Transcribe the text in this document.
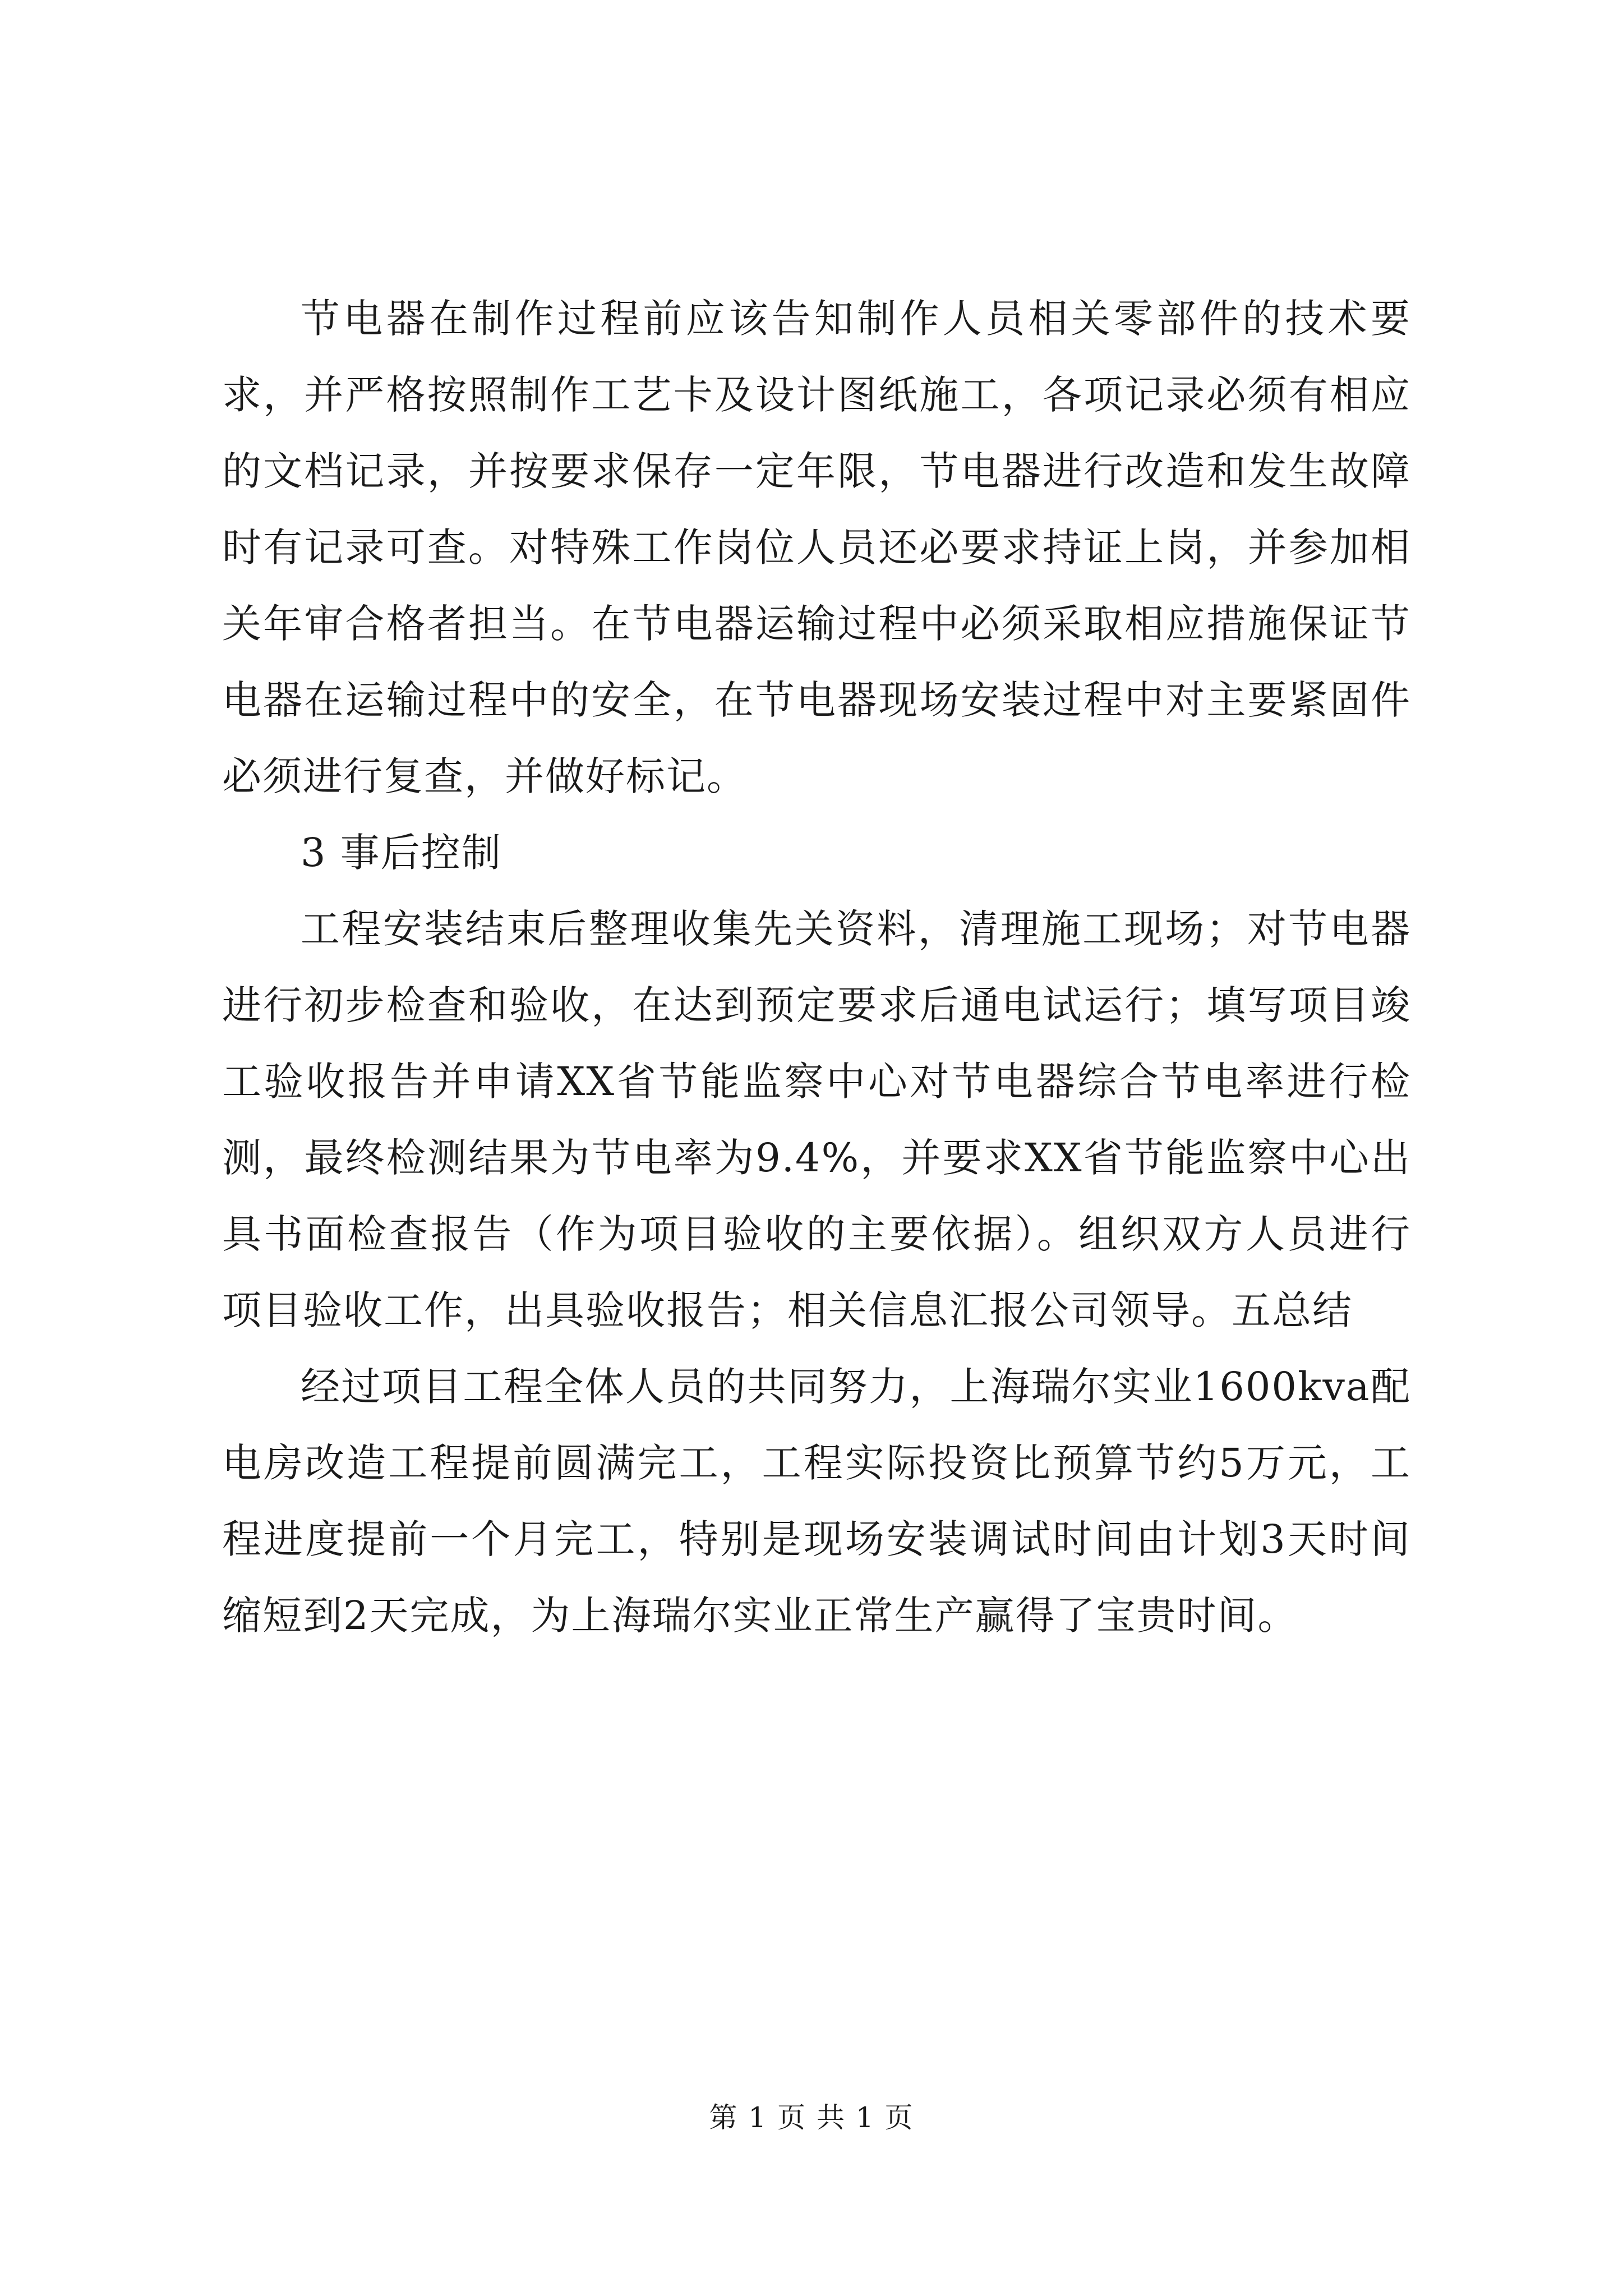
节电器在制作过程前应该告知制作人员相关零部件的技术要求，并严格按照制作工艺卡及设计图纸施工，各项记录必须有相应的文档记录，并按要求保存一定年限，节电器进行改造和发生故障时有记录可查。对特殊工作岗位人员还必要求持证上岗，并参加相关年审合格者担当。在节电器运输过程中必须采取相应措施保证节电器在运输过程中的安全，在节电器现场安装过程中对主要紧固件必须进行复查，并做好标记。

3 事后控制

工程安装结束后整理收集先关资料，清理施工现场；对节电器进行初步检查和验收，在达到预定要求后通电试运行；填写项目竣工验收报告并申请XX省节能监察中心对节电器综合节电率进行检测，最终检测结果为节电率为9.4%，并要求XX省节能监察中心出具书面检查报告（作为项目验收的主要依据）。组织双方人员进行项目验收工作，出具验收报告；相关信息汇报公司领导。五总结

经过项目工程全体人员的共同努力，上海瑞尔实业1600kva配电房改造工程提前圆满完工，工程实际投资比预算节约5万元，工程进度提前一个月完工，特别是现场安装调试时间由计划3天时间缩短到2天完成，为上海瑞尔实业正常生产赢得了宝贵时间。

第 1 页 共 1 页
